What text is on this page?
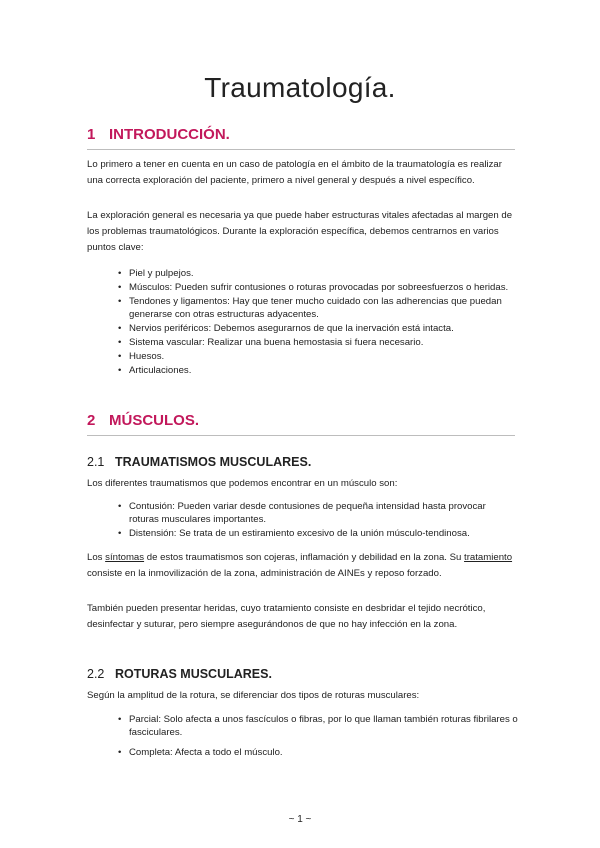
Traumatología.
1 INTRODUCCIÓN.
Lo primero a tener en cuenta en un caso de patología en el ámbito de la traumatología es realizar una correcta exploración del paciente, primero a nivel general y después a nivel específico.
La exploración general es necesaria ya que puede haber estructuras vitales afectadas al margen de los problemas traumatológicos. Durante la exploración específica, debemos centrarnos en varios puntos clave:
• Piel y pulpejos.
• Músculos: Pueden sufrir contusiones o roturas provocadas por sobreesfuerzos o heridas.
• Tendones y ligamentos: Hay que tener mucho cuidado con las adherencias que puedan generarse con otras estructuras adyacentes.
• Nervios periféricos: Debemos asegurarnos de que la inervación está intacta.
• Sistema vascular: Realizar una buena hemostasia si fuera necesario.
• Huesos.
• Articulaciones.
2 MÚSCULOS.
2.1 TRAUMATISMOS MUSCULARES.
Los diferentes traumatismos que podemos encontrar en un músculo son:
• Contusión: Pueden variar desde contusiones de pequeña intensidad hasta provocar roturas musculares importantes.
• Distensión: Se trata de un estiramiento excesivo de la unión músculo-tendinosa.
Los síntomas de estos traumatismos son cojeras, inflamación y debilidad en la zona. Su tratamiento consiste en la inmovilización de la zona, administración de AINEs y reposo forzado.
También pueden presentar heridas, cuyo tratamiento consiste en desbridar el tejido necrótico, desinfectar y suturar, pero siempre asegurándonos de que no hay infección en la zona.
2.2 ROTURAS MUSCULARES.
Según la amplitud de la rotura, se diferenciar dos tipos de roturas musculares:
• Parcial: Solo afecta a unos fascículos o fibras, por lo que llaman también roturas fibrilares o fasciculares.
• Completa: Afecta a todo el músculo.
~ 1 ~
